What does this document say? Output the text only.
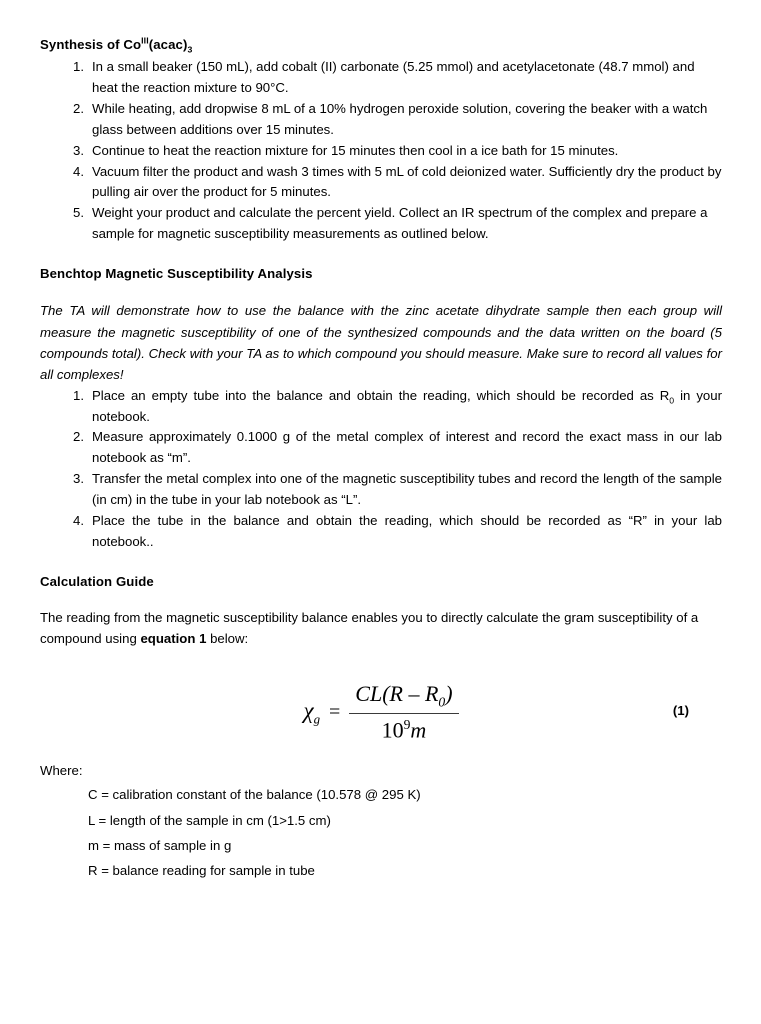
Synthesis of $Co^{III}(acac)_3$
In a small beaker (150 mL), add cobalt (II) carbonate (5.25 mmol) and acetylacetonate (48.7 mmol) and heat the reaction mixture to 90°C.
While heating, add dropwise 8 mL of a 10% hydrogen peroxide solution, covering the beaker with a watch glass between additions over 15 minutes.
Continue to heat the reaction mixture for 15 minutes then cool in a ice bath for 15 minutes.
Vacuum filter the product and wash 3 times with 5 mL of cold deionized water. Sufficiently dry the product by pulling air over the product for 5 minutes.
Weight your product and calculate the percent yield. Collect an IR spectrum of the complex and prepare a sample for magnetic susceptibility measurements as outlined below.
Benchtop Magnetic Susceptibility Analysis

The TA will demonstrate how to use the balance with the zinc acetate dihydrate sample then each group will measure the magnetic susceptibility of one of the synthesized compounds and the data written on the board (5 compounds total). Check with your TA as to which compound you should measure. Make sure to record all values for all complexes!

Place an empty tube into the balance and obtain the reading, which should be recorded as $R_0$ in your notebook.
Measure approximately 0.1000 g of the metal complex of interest and record the exact mass in our lab notebook as “m”.
Transfer the metal complex into one of the magnetic susceptibility tubes and record the length of the sample (in cm) in the tube in your lab notebook as “L”.
Place the tube in the balance and obtain the reading, which should be recorded as “R” in your lab notebook..
Calculation Guide

The reading from the magnetic susceptibility balance enables you to directly calculate the gram susceptibility of a compound using equation 1 below:

$\chi_g = \frac{CL(R - R_0)}{10^9m}$	(1)
Where:
C = calibration constant of the balance (10.578 @ 295 K)
L = length of the sample in cm (1>1.5 cm)
m = mass of sample in g
R = balance reading for sample in tube
